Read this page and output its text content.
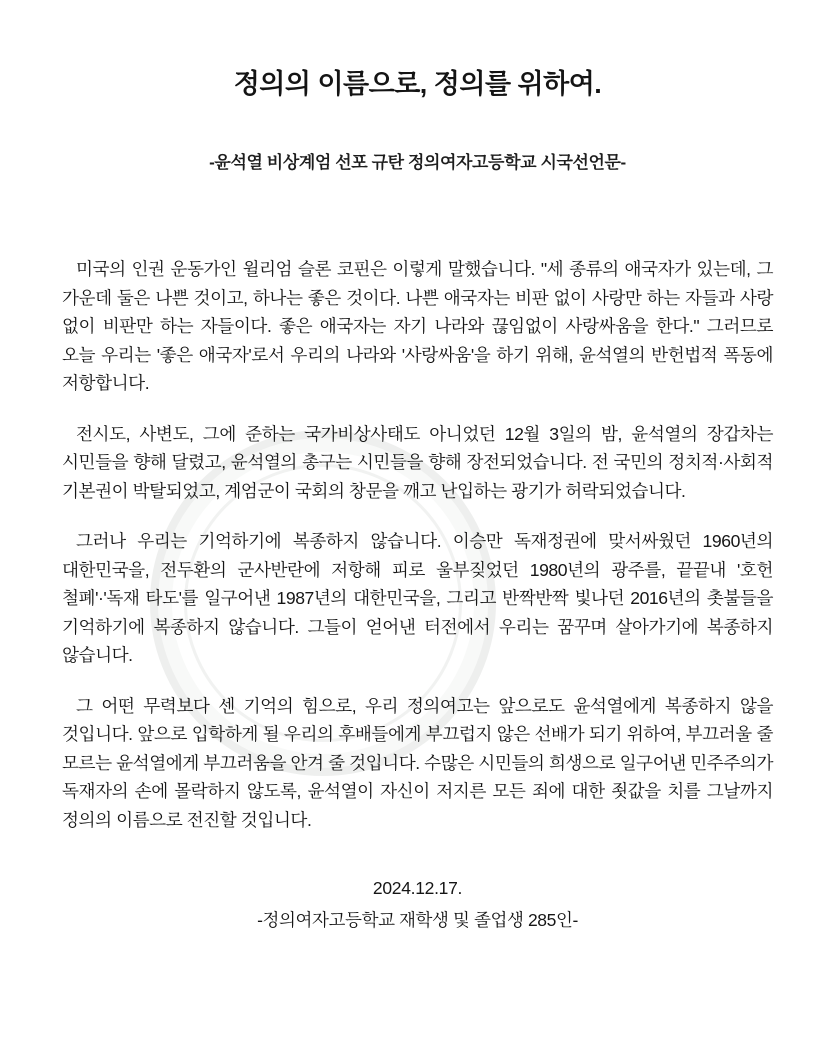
정의의 이름으로, 정의를 위하여.
-윤석열 비상계엄 선포 규탄 정의여자고등학교 시국선언문-

미국의 인권 운동가인 윌리엄 슬론 코핀은 이렇게 말했습니다. "세 종류의 애국자가 있는데, 그 가운데 둘은 나쁜 것이고, 하나는 좋은 것이다. 나쁜 애국자는 비판 없이 사랑만 하는 자들과 사랑 없이 비판만 하는 자들이다. 좋은 애국자는 자기 나라와 끊임없이 사랑싸움을 한다." 그러므로 오늘 우리는 '좋은 애국자'로서 우리의 나라와 '사랑싸움'을 하기 위해, 윤석열의 반헌법적 폭동에 저항합니다.

전시도, 사변도, 그에 준하는 국가비상사태도 아니었던 12월 3일의 밤, 윤석열의 장갑차는 시민들을 향해 달렸고, 윤석열의 총구는 시민들을 향해 장전되었습니다. 전 국민의 정치적·사회적 기본권이 박탈되었고, 계엄군이 국회의 창문을 깨고 난입하는 광기가 허락되었습니다.

그러나 우리는 기억하기에 복종하지 않습니다. 이승만 독재정권에 맞서싸웠던 1960년의 대한민국을, 전두환의 군사반란에 저항해 피로 울부짖었던 1980년의 광주를, 끝끝내 '호헌 철폐'·'독재 타도'를 일구어낸 1987년의 대한민국을, 그리고 반짝반짝 빛나던 2016년의 촛불들을 기억하기에 복종하지 않습니다. 그들이 얻어낸 터전에서 우리는 꿈꾸며 살아가기에 복종하지 않습니다.

그 어떤 무력보다 센 기억의 힘으로, 우리 정의여고는 앞으로도 윤석열에게 복종하지 않을 것입니다. 앞으로 입학하게 될 우리의 후배들에게 부끄럽지 않은 선배가 되기 위하여, 부끄러울 줄 모르는 윤석열에게 부끄러움을 안겨 줄 것입니다. 수많은 시민들의 희생으로 일구어낸 민주주의가 독재자의 손에 몰락하지 않도록, 윤석열이 자신이 저지른 모든 죄에 대한 죗값을 치를 그날까지 정의의 이름으로 전진할 것입니다.

2024.12.17.
-정의여자고등학교 재학생 및 졸업생 285인-
